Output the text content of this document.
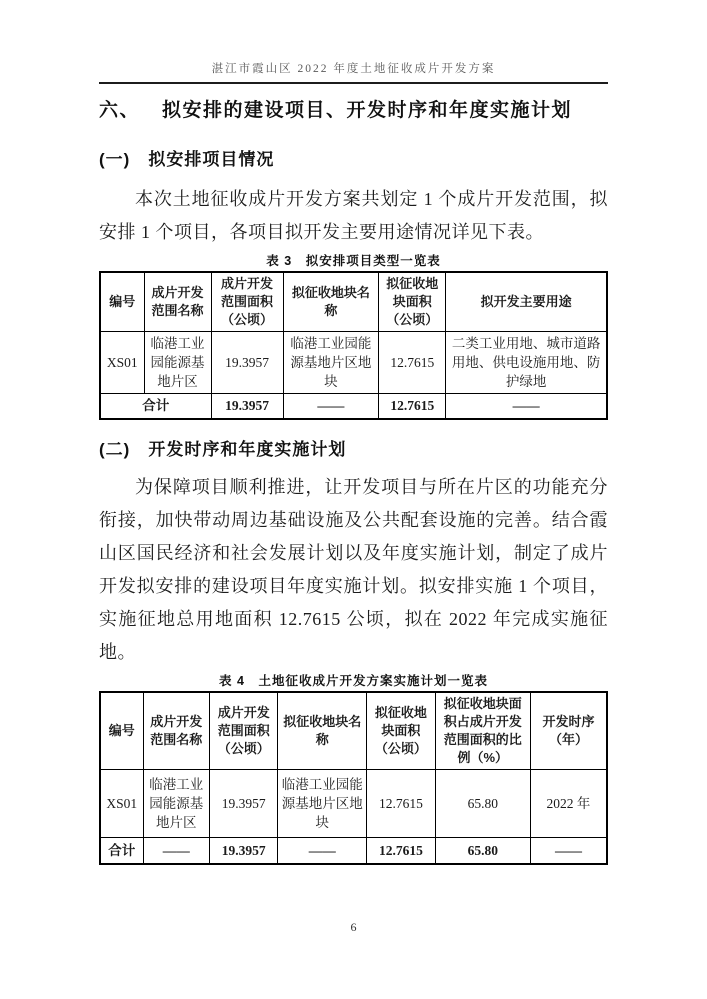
湛江市霞山区 2022 年度土地征收成片开发方案
六、 拟安排的建设项目、开发时序和年度实施计划
(一) 拟安排项目情况

本次土地征收成片开发方案共划定 1 个成片开发范围，拟安排 1 个项目，各项目拟开发主要用途情况详见下表。

表 3　拟安排项目类型一览表
编号	成片开发范围名称	成片开发范围面积（公顷）	拟征收地块名称	拟征收地块面积（公顷）	拟开发主要用途
XS01	临港工业园能源基地片区	19.3957	临港工业园能源基地片区地块	12.7615	二类工业用地、城市道路用地、供电设施用地、防护绿地
合计		19.3957	——	12.7615	——
(二) 开发时序和年度实施计划

为保障项目顺利推进，让开发项目与所在片区的功能充分衔接，加快带动周边基础设施及公共配套设施的完善。结合霞山区国民经济和社会发展计划以及年度实施计划，制定了成片开发拟安排的建设项目年度实施计划。拟安排实施 1 个项目，实施征地总用地面积 12.7615 公顷，拟在 2022 年完成实施征地。

表 4　土地征收成片开发方案实施计划一览表
编号	成片开发范围名称	成片开发范围面积（公顷）	拟征收地块名称	拟征收地块面积（公顷）	拟征收地块面积占成片开发范围面积的比例（%）	开发时序（年）
XS01	临港工业园能源基地片区	19.3957	临港工业园能源基地片区地块	12.7615	65.80	2022 年
合计	——	19.3957	——	12.7615	65.80	——
6
